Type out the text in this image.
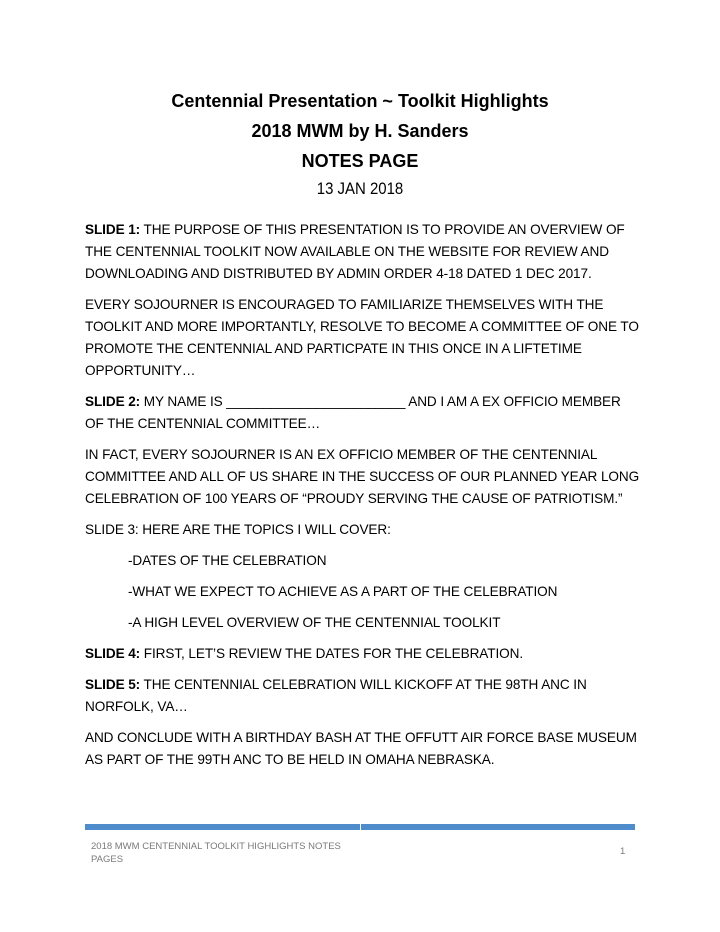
Centennial Presentation ~ Toolkit Highlights

2018 MWM by H. Sanders

NOTES PAGE

13 JAN 2018

SLIDE 1: THE PURPOSE OF THIS PRESENTATION IS TO PROVIDE AN OVERVIEW OF THE CENTENNIAL TOOLKIT NOW AVAILABLE ON THE WEBSITE FOR REVIEW AND DOWNLOADING AND DISTRIBUTED BY ADMIN ORDER 4-18 DATED 1 DEC 2017.

EVERY SOJOURNER IS ENCOURAGED TO FAMILIARIZE THEMSELVES WITH THE TOOLKIT AND MORE IMPORTANTLY, RESOLVE TO BECOME A COMMITTEE OF ONE TO PROMOTE THE CENTENNIAL AND PARTICPATE IN THIS ONCE IN A LIFTETIME OPPORTUNITY…

SLIDE 2: MY NAME IS ________________________ AND I AM A EX OFFICIO MEMBER OF THE CENTENNIAL COMMITTEE…

IN FACT, EVERY SOJOURNER IS AN EX OFFICIO MEMBER OF THE CENTENNIAL COMMITTEE AND ALL OF US SHARE IN THE SUCCESS OF OUR PLANNED YEAR LONG CELEBRATION OF 100 YEARS OF “PROUDY SERVING THE CAUSE OF PATRIOTISM.”

SLIDE 3: HERE ARE THE TOPICS I WILL COVER:

-DATES OF THE CELEBRATION

-WHAT WE EXPECT TO ACHIEVE AS A PART OF THE CELEBRATION

-A HIGH LEVEL OVERVIEW OF THE CENTENNIAL TOOLKIT

SLIDE 4: FIRST, LET’S REVIEW THE DATES FOR THE CELEBRATION.

SLIDE 5: THE CENTENNIAL CELEBRATION WILL KICKOFF AT THE 98TH ANC IN NORFOLK, VA…

AND CONCLUDE WITH A BIRTHDAY BASH AT THE OFFUTT AIR FORCE BASE MUSEUM AS PART OF THE 99TH ANC TO BE HELD IN OMAHA NEBRASKA.

2018 MWM CENTENNIAL TOOLKIT HIGHLIGHTS NOTES PAGES
1
